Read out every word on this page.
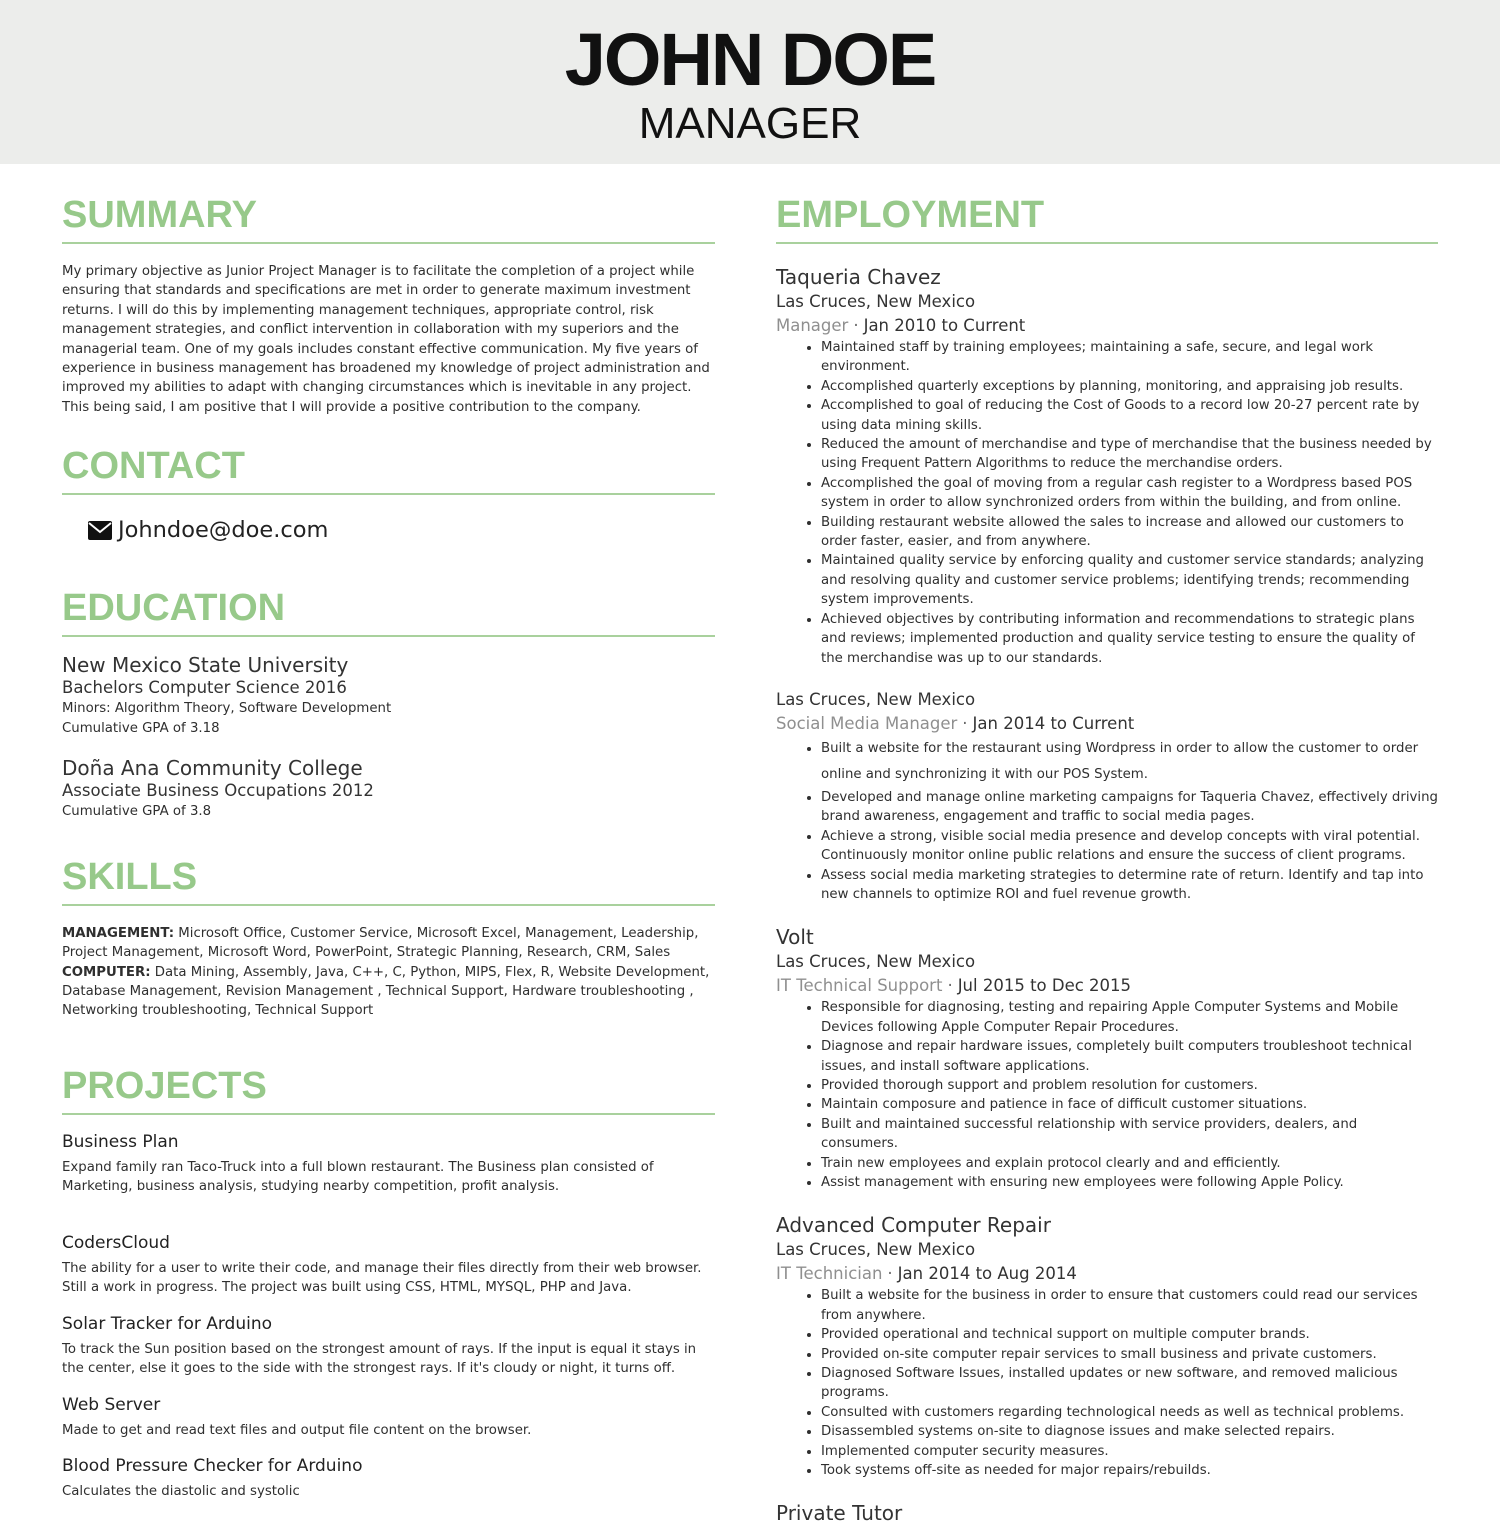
JOHN DOE
MANAGER
SUMMARY

My primary objective as Junior Project Manager is to facilitate the completion of a project while ensuring that standards and specifications are met in order to generate maximum investment returns. I will do this by implementing management techniques, appropriate control, risk management strategies, and conflict intervention in collaboration with my superiors and the managerial team. One of my goals includes constant effective communication. My five years of experience in business management has broadened my knowledge of project administration and improved my abilities to adapt with changing circumstances which is inevitable in any project. This being said, I am positive that I will provide a positive contribution to the company.

CONTACT
Johndoe@doe.com
EDUCATION
New Mexico State University
Bachelors Computer Science 2016
Minors: Algorithm Theory, Software Development
Cumulative GPA of 3.18
Doña Ana Community College
Associate Business Occupations 2012
Cumulative GPA of 3.8
SKILLS

MANAGEMENT: Microsoft Office, Customer Service, Microsoft Excel, Management, Leadership, Project Management, Microsoft Word, PowerPoint, Strategic Planning, Research, CRM, Sales

COMPUTER: Data Mining, Assembly, Java, C++, C, Python, MIPS, Flex, R, Website Development, Database Management, Revision Management , Technical Support, Hardware troubleshooting , Networking troubleshooting, Technical Support

PROJECTS
Business Plan
Expand family ran Taco-Truck into a full blown restaurant. The Business plan consisted of Marketing, business analysis, studying nearby competition, profit analysis.
CodersCloud
The ability for a user to write their code, and manage their files directly from their web browser. Still a work in progress. The project was built using CSS, HTML, MYSQL, PHP and Java.
Solar Tracker for Arduino
To track the Sun position based on the strongest amount of rays. If the input is equal it stays in the center, else it goes to the side with the strongest rays. If it's cloudy or night, it turns off.
Web Server
Made to get and read text files and output file content on the browser.
Blood Pressure Checker for Arduino
Calculates the diastolic and systolic
EMPLOYMENT
Taqueria Chavez
Las Cruces, New Mexico
Manager · Jan 2010 to Current
• Maintained staff by training employees; maintaining a safe, secure, and legal work environment.
• Accomplished quarterly exceptions by planning, monitoring, and appraising job results.
• Accomplished to goal of reducing the Cost of Goods to a record low 20-27 percent rate by using data mining skills.
• Reduced the amount of merchandise and type of merchandise that the business needed by using Frequent Pattern Algorithms to reduce the merchandise orders.
• Accomplished the goal of moving from a regular cash register to a Wordpress based POS system in order to allow synchronized orders from within the building, and from online.
• Building restaurant website allowed the sales to increase and allowed our customers to order faster, easier, and from anywhere.
• Maintained quality service by enforcing quality and customer service standards; analyzing and resolving quality and customer service problems; identifying trends; recommending system improvements.
• Achieved objectives by contributing information and recommendations to strategic plans and reviews; implemented production and quality service testing to ensure the quality of the merchandise was up to our standards.
Las Cruces, New Mexico
Social Media Manager · Jan 2014 to Current
• Built a website for the restaurant using Wordpress in order to allow the customer to order online and synchronizing it with our POS System.
• Developed and manage online marketing campaigns for Taqueria Chavez, effectively driving brand awareness, engagement and traffic to social media pages.
• Achieve a strong, visible social media presence and develop concepts with viral potential. Continuously monitor online public relations and ensure the success of client programs.
• Assess social media marketing strategies to determine rate of return. Identify and tap into new channels to optimize ROI and fuel revenue growth.
Volt
Las Cruces, New Mexico
IT Technical Support · Jul 2015 to Dec 2015
• Responsible for diagnosing, testing and repairing Apple Computer Systems and Mobile Devices following Apple Computer Repair Procedures.
• Diagnose and repair hardware issues, completely built computers troubleshoot technical issues, and install software applications.
• Provided thorough support and problem resolution for customers.
• Maintain composure and patience in face of difficult customer situations.
• Built and maintained successful relationship with service providers, dealers, and consumers.
• Train new employees and explain protocol clearly and and efficiently.
• Assist management with ensuring new employees were following Apple Policy.
Advanced Computer Repair
Las Cruces, New Mexico
IT Technician · Jan 2014 to Aug 2014
• Built a website for the business in order to ensure that customers could read our services from anywhere.
• Provided operational and technical support on multiple computer brands.
• Provided on-site computer repair services to small business and private customers.
• Diagnosed Software Issues, installed updates or new software, and removed malicious programs.
• Consulted with customers regarding technological needs as well as technical problems.
• Disassembled systems on-site to diagnose issues and make selected repairs.
• Implemented computer security measures.
• Took systems off-site as needed for major repairs/rebuilds.
Private Tutor
